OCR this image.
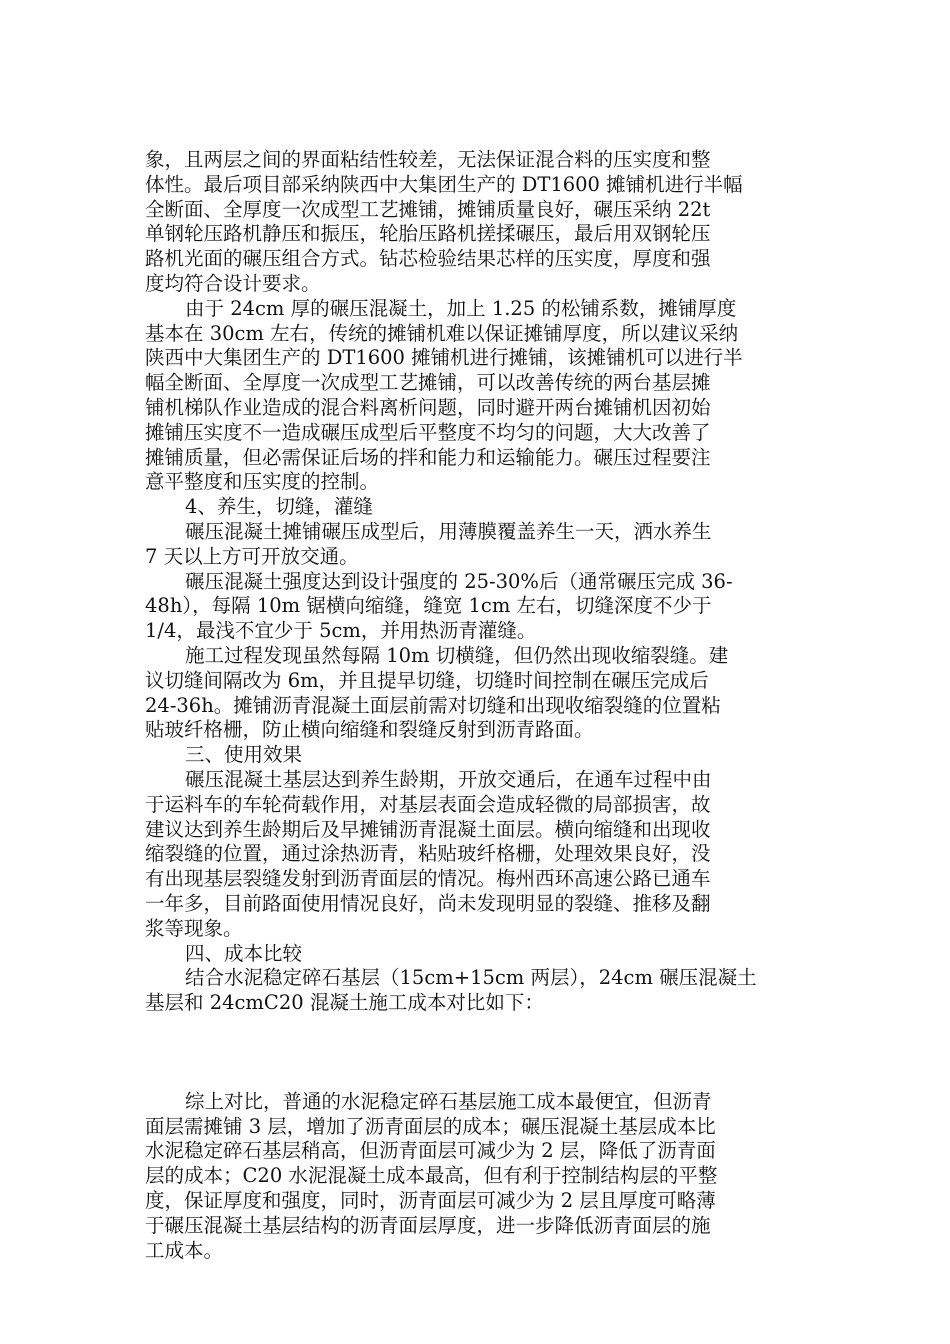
象，且两层之间的界面粘结性较差，无法保证混合料的压实度和整
体性。最后项目部采纳陕西中大集团生产的 DT1600 摊铺机进行半幅
全断面、全厚度一次成型工艺摊铺，摊铺质量良好，碾压采纳 22t
单钢轮压路机静压和振压，轮胎压路机搓揉碾压，最后用双钢轮压
路机光面的碾压组合方式。钻芯检验结果芯样的压实度，厚度和强
度均符合设计要求。
由于 24cm 厚的碾压混凝土，加上 1.25 的松铺系数，摊铺厚度
基本在 30cm 左右，传统的摊铺机难以保证摊铺厚度，所以建议采纳
陕西中大集团生产的 DT1600 摊铺机进行摊铺，该摊铺机可以进行半
幅全断面、全厚度一次成型工艺摊铺，可以改善传统的两台基层摊
铺机梯队作业造成的混合料离析问题，同时避开两台摊铺机因初始
摊铺压实度不一造成碾压成型后平整度不均匀的问题，大大改善了
摊铺质量，但必需保证后场的拌和能力和运输能力。碾压过程要注
意平整度和压实度的控制。
4、养生，切缝，灌缝
碾压混凝土摊铺碾压成型后，用薄膜覆盖养生一天，洒水养生
7 天以上方可开放交通。
碾压混凝土强度达到设计强度的 25-30%后（通常碾压完成 36-
48h），每隔 10m 锯横向缩缝，缝宽 1cm 左右，切缝深度不少于
1/4，最浅不宜少于 5cm，并用热沥青灌缝。
施工过程发现虽然每隔 10m 切横缝，但仍然出现收缩裂缝。建
议切缝间隔改为 6m，并且提早切缝，切缝时间控制在碾压完成后
24-36h。摊铺沥青混凝土面层前需对切缝和出现收缩裂缝的位置粘
贴玻纤格栅，防止横向缩缝和裂缝反射到沥青路面。
三、使用效果
碾压混凝土基层达到养生龄期，开放交通后，在通车过程中由
于运料车的车轮荷载作用，对基层表面会造成轻微的局部损害，故
建议达到养生龄期后及早摊铺沥青混凝土面层。横向缩缝和出现收
缩裂缝的位置，通过涂热沥青，粘贴玻纤格栅，处理效果良好，没
有出现基层裂缝发射到沥青面层的情况。梅州西环高速公路已通车
一年多，目前路面使用情况良好，尚未发现明显的裂缝、推移及翻
浆等现象。
四、成本比较
结合水泥稳定碎石基层（15cm+15cm 两层），24cm 碾压混凝土
基层和 24cmC20 混凝土施工成本对比如下：
综上对比，普通的水泥稳定碎石基层施工成本最便宜，但沥青
面层需摊铺 3 层，增加了沥青面层的成本；碾压混凝土基层成本比
水泥稳定碎石基层稍高，但沥青面层可减少为 2 层，降低了沥青面
层的成本；C20 水泥混凝土成本最高，但有利于控制结构层的平整
度，保证厚度和强度，同时，沥青面层可减少为 2 层且厚度可略薄
于碾压混凝土基层结构的沥青面层厚度，进一步降低沥青面层的施
工成本。
